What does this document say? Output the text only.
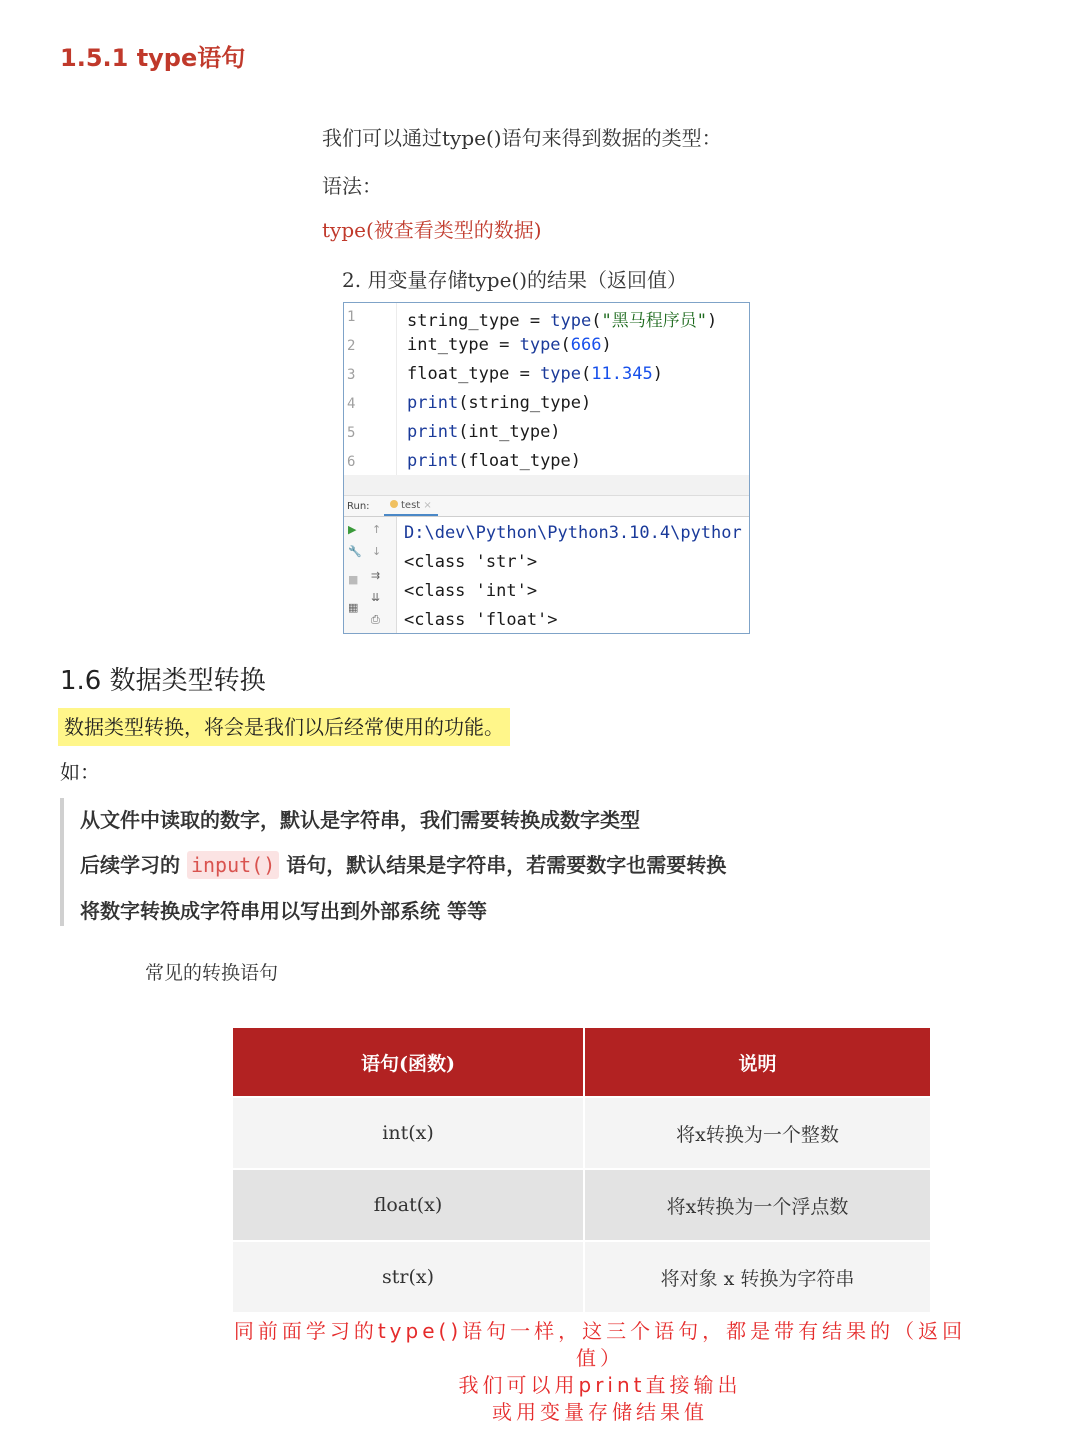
1.5.1 type语句
我们可以通过type()语句来得到数据的类型：
语法：
type(被查看类型的数据)
2. 用变量存储type()的结果（返回值）
1
2
3
4
5
6
string_type = type("黑马程序员")
int_type = type(666)
float_type = type(11.345)
print(string_type)
print(int_type)
print(float_type)
Run:	test ×
▶
🔧
■
▦
↑
↓
⇉
⇊
⎙
D:\dev\Python\Python3.10.4\pythor
<class 'str'>
<class 'int'>
<class 'float'>
1.6 数据类型转换
数据类型转换，将会是我们以后经常使用的功能。
如：
从文件中读取的数字，默认是字符串，我们需要转换成数字类型
后续学习的 input() 语句，默认结果是字符串，若需要数字也需要转换
将数字转换成字符串用以写出到外部系统 等等
常见的转换语句
语句(函数)	说明
int(x)	将x转换为一个整数
float(x)	将x转换为一个浮点数
str(x)	将对象 x 转换为字符串
同前面学习的type()语句一样，这三个语句，都是带有结果的（返回值）
我们可以用print直接输出
或用变量存储结果值
